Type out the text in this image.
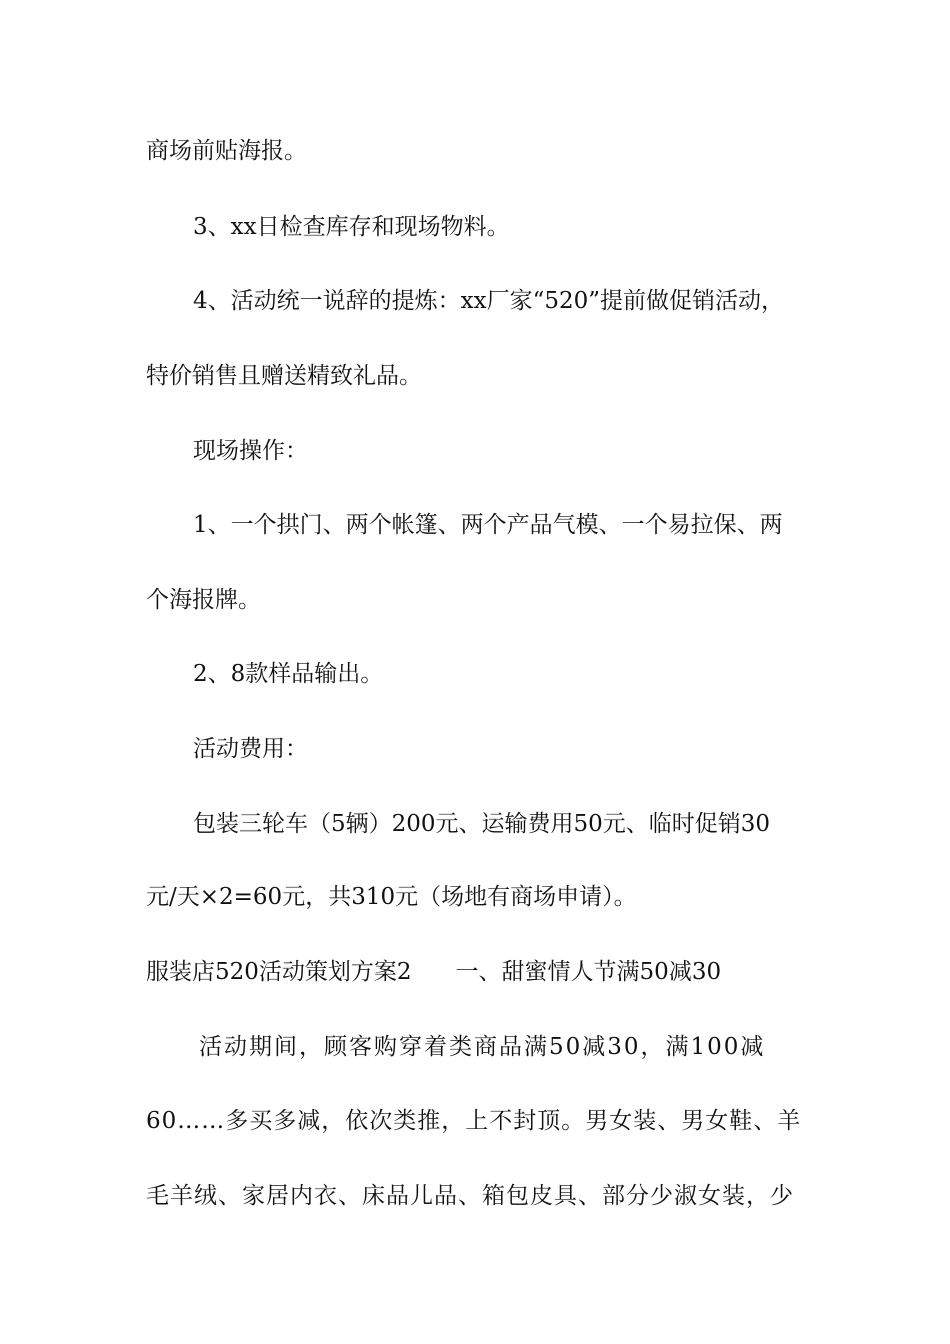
商场前贴海报。
3、xx日检查库存和现场物料。
4、活动统一说辞的提炼：xx厂家“520”提前做促销活动，
特价销售且赠送精致礼品。
现场操作：
1、一个拱门、两个帐篷、两个产品气模、一个易拉保、两
个海报牌。
2、8款样品输出。
活动费用：
包装三轮车（5辆）200元、运输费用50元、临时促销30
元/天×2=60元，共310元（场地有商场申请）。
服装店520活动策划方案2 一、甜蜜情人节满50减30
活动期间，顾客购穿着类商品满50减30，满100减
60……多买多减，依次类推，上不封顶。男女装、男女鞋、羊
毛羊绒、家居内衣、床品儿品、箱包皮具、部分少淑女装，少
